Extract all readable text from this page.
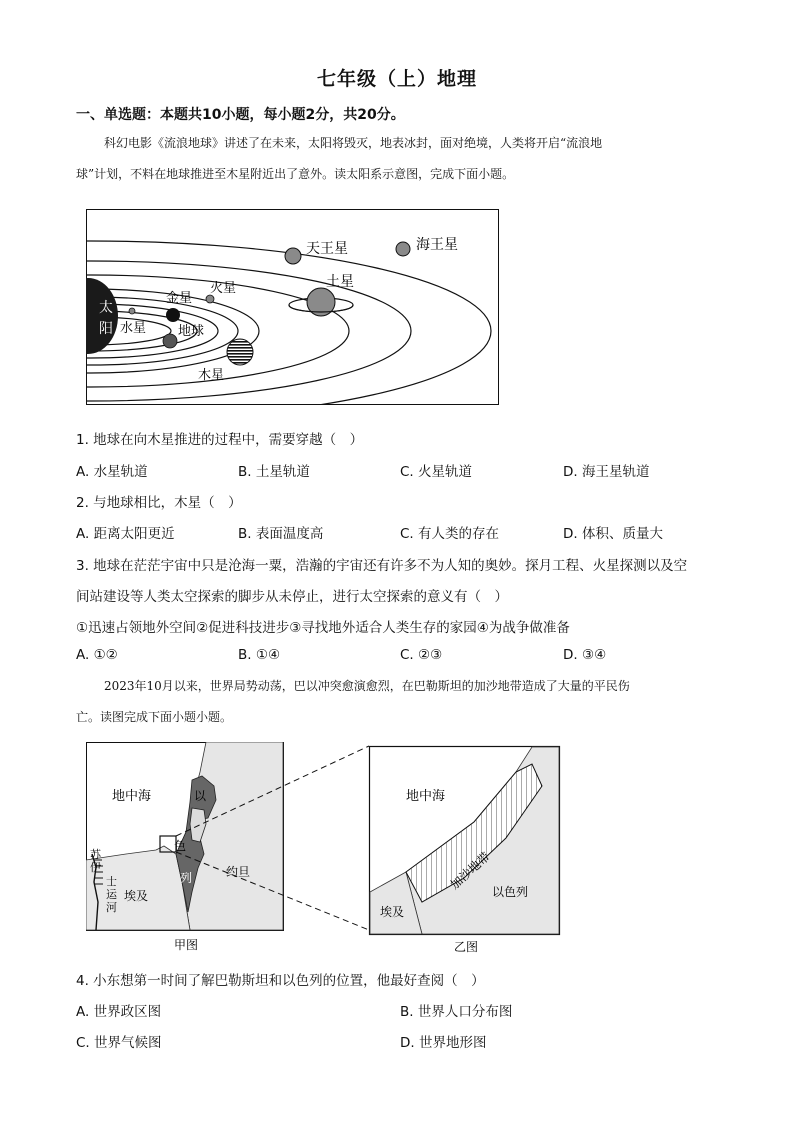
七年级（上）地理
一、单选题：本题共10小题，每小题2分，共20分。
科幻电影《流浪地球》讲述了在未来，太阳将毁灭，地表冰封，面对绝境，人类将开启“流浪地
球”计划，不料在地球推进至木星附近出了意外。读太阳系示意图，完成下面小题。
太
阳 水星
金星
地球
火星
木星
土星
天王星	海王星
1. 地球在向木星推进的过程中，需要穿越（　）
A. 水星轨道	B. 土星轨道	C. 火星轨道	D. 海王星轨道
2. 与地球相比，木星（　）
A. 距离太阳更近	B. 表面温度高	C. 有人类的存在	D. 体积、质量大
3. 地球在茫茫宇宙中只是沧海一粟，浩瀚的宇宙还有许多不为人知的奥妙。探月工程、火星探测以及空
间站建设等人类太空探索的脚步从未停止，进行太空探索的意义有（　）
①迅速占领地外空间②促进科技进步③寻找地外适合人类生存的家园④为战争做准备
A. ①②	B. ①④	C. ②③	D. ③④
2023年10月以来，世界局势动荡，巴以冲突愈演愈烈，在巴勒斯坦的加沙地带造成了大量的平民伤
亡。读图完成下面小题小题。
地中海	以
色
列	约旦
埃及
苏
伊
士
运
河
甲图
地中海
加沙地带
埃及
以色列
乙图
4. 小东想第一时间了解巴勒斯坦和以色列的位置，他最好查阅（　）
A. 世界政区图	B. 世界人口分布图
C. 世界气候图	D. 世界地形图
